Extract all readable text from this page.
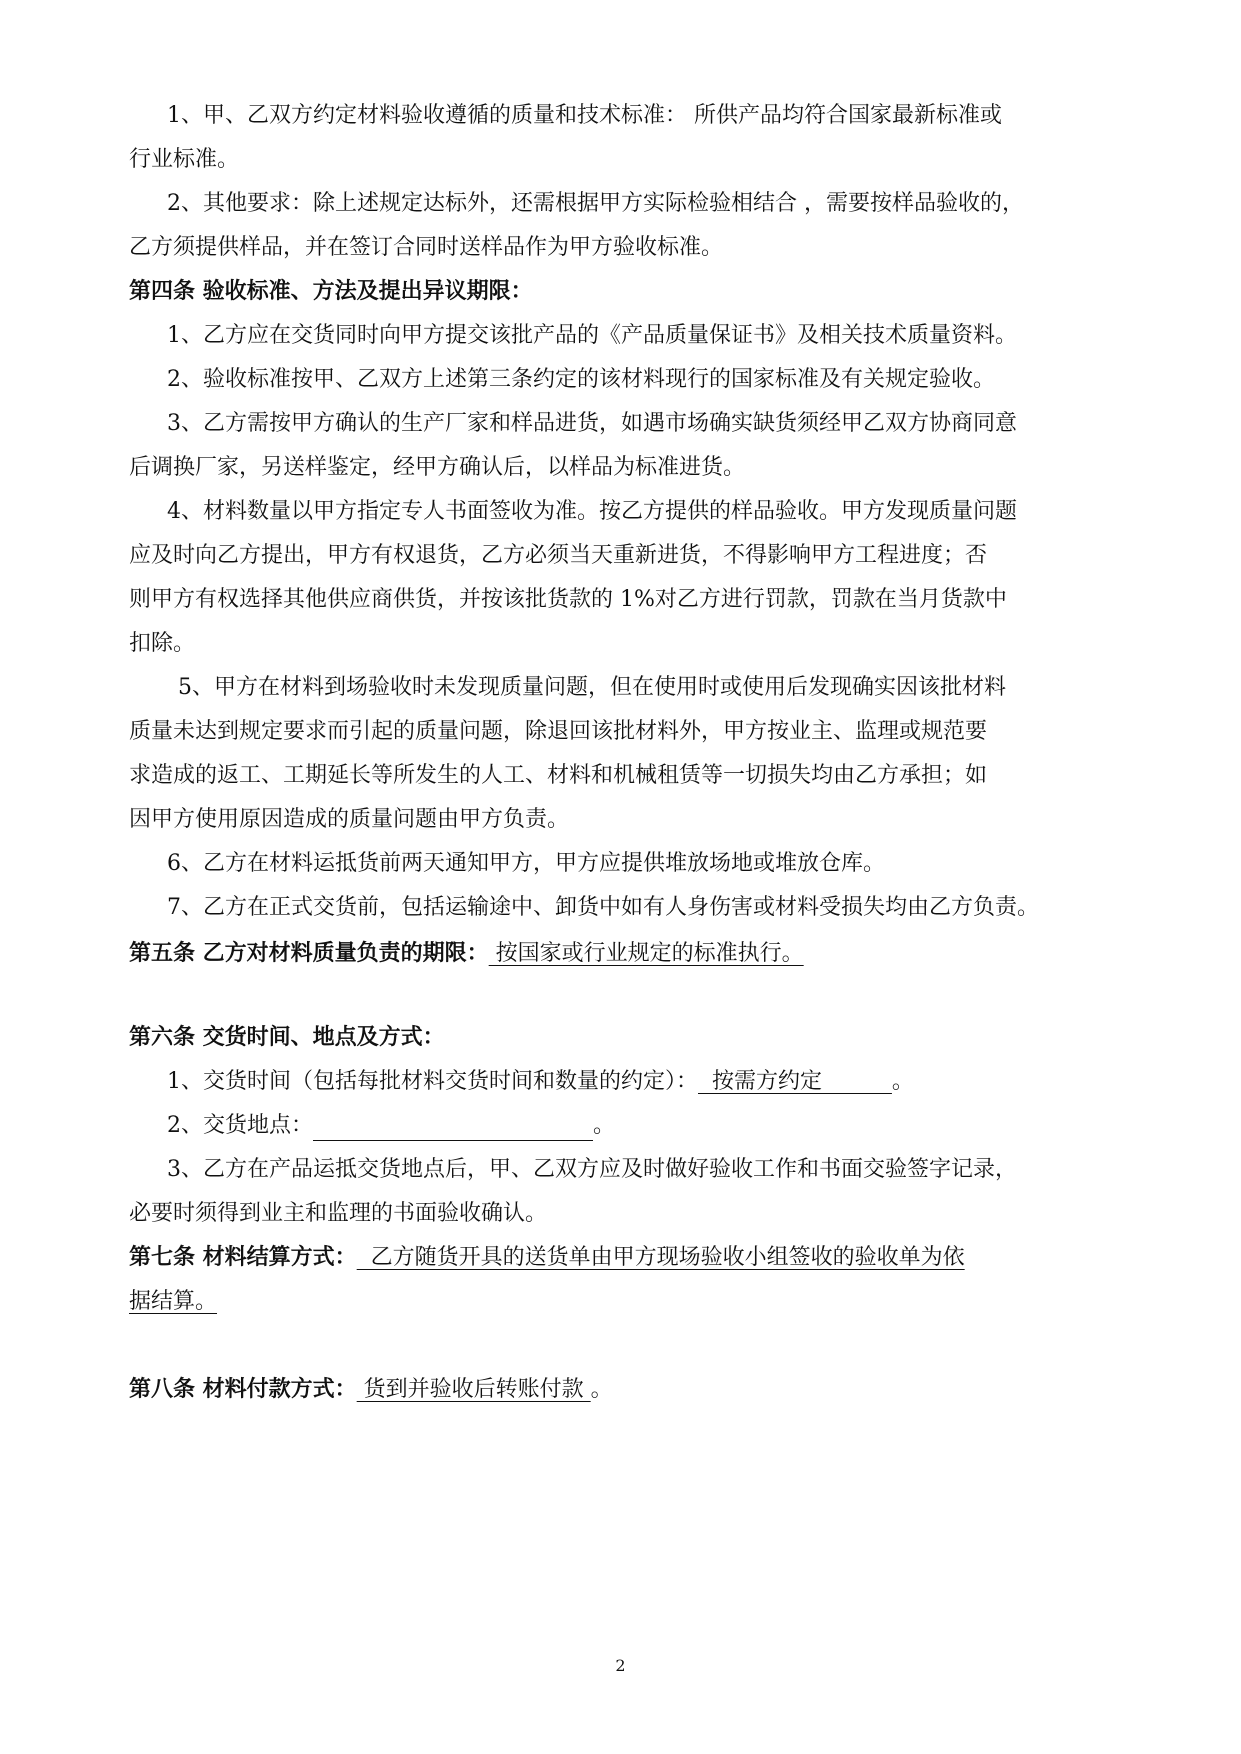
1、甲、乙双方约定材料验收遵循的质量和技术标准： 所供产品均符合国家最新标准或
行业标准。
2、其他要求：除上述规定达标外，还需根据甲方实际检验相结合 ，需要按样品验收的，
乙方须提供样品，并在签订合同时送样品作为甲方验收标准。
第四条 验收标准、方法及提出异议期限：
1、乙方应在交货同时向甲方提交该批产品的《产品质量保证书》及相关技术质量资料。
2、验收标准按甲、乙双方上述第三条约定的该材料现行的国家标准及有关规定验收。
3、乙方需按甲方确认的生产厂家和样品进货，如遇市场确实缺货须经甲乙双方协商同意
后调换厂家，另送样鉴定，经甲方确认后，以样品为标准进货。
4、材料数量以甲方指定专人书面签收为准。按乙方提供的样品验收。甲方发现质量问题
应及时向乙方提出，甲方有权退货，乙方必须当天重新进货，不得影响甲方工程进度；否
则甲方有权选择其他供应商供货，并按该批货款的 1%对乙方进行罚款，罚款在当月货款中
扣除。
5、甲方在材料到场验收时未发现质量问题，但在使用时或使用后发现确实因该批材料
质量未达到规定要求而引起的质量问题，除退回该批材料外，甲方按业主、监理或规范要
求造成的返工、工期延长等所发生的人工、材料和机械租赁等一切损失均由乙方承担；如
因甲方使用原因造成的质量问题由甲方负责。
6、乙方在材料运抵货前两天通知甲方，甲方应提供堆放场地或堆放仓库。
7、乙方在正式交货前，包括运输途中、卸货中如有人身伤害或材料受损失均由乙方负责。
第五条 乙方对材料质量负责的期限： 按国家或行业规定的标准执行。
第六条 交货时间、地点及方式：
1、交货时间（包括每批材料交货时间和数量的约定）：  按需方约定          。
2、交货地点：	。
3、乙方在产品运抵交货地点后，甲、乙双方应及时做好验收工作和书面交验签字记录，
必要时须得到业主和监理的书面验收确认。
第七条 材料结算方式：  乙方随货开具的送货单由甲方现场验收小组签收的验收单为依
据结算。
第八条 材料付款方式： 货到并验收后转账付款 。
2
